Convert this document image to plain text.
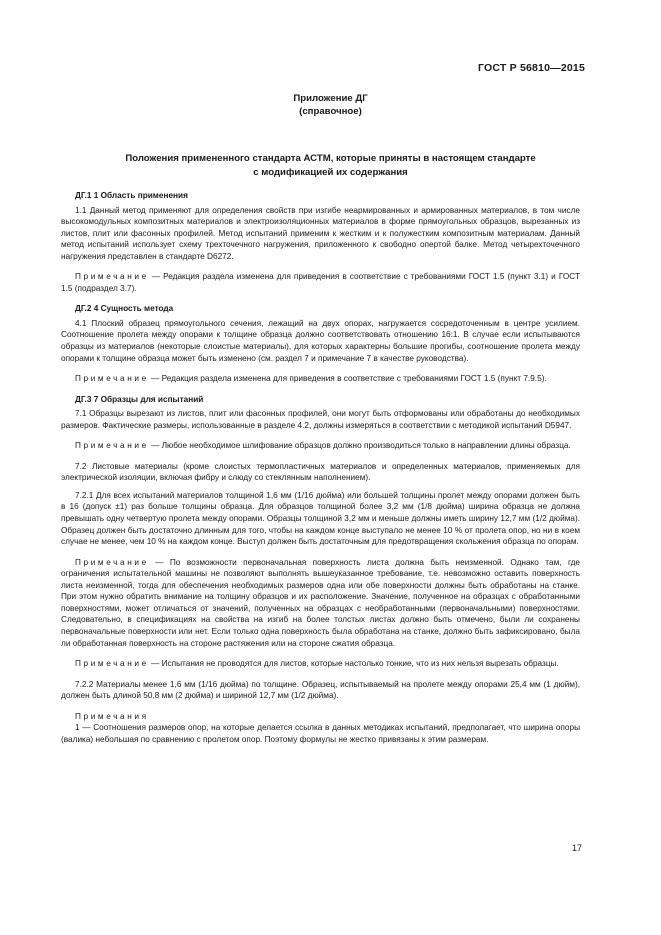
ГОСТ Р 56810—2015
Приложение ДГ
(справочное)
Положения примененного стандарта АСТМ, которые приняты в настоящем стандарте
с модификацией их содержания
ДГ.1 1 Область применения

1.1 Данный метод применяют для определения свойств при изгибе неармированных и армированных материалов, в том числе высокомодульных композитных материалов и электроизоляционных материалов в форме прямоугольных образцов, вырезанных из листов, плит или фасонных профилей. Метод испытаний применим к жестким и к полужестким композитным материалам. Данный метод испытаний использует схему трехточечного нагружения, приложенного к свободно опертой балке. Метод четырехточечного нагружения представлен в стандарте D6272.

Примечание — Редакция раздела изменена для приведения в соответствие с требованиями ГОСТ 1.5 (пункт 3.1) и ГОСТ 1.5 (подраздел 3.7).

ДГ.2 4 Сущность метода

4.1 Плоский образец прямоугольного сечения, лежащий на двух опорах, нагружается сосредоточенным в центре усилием. Соотношение пролета между опорами к толщине образца должно соответствовать отношению 16:1. В случае если испытываются образцы из материалов (некоторые слоистые материалы), для которых характерны большие прогибы, соотношение пролета между опорами к толщине образца может быть изменено (см. раздел 7 и примечание 7 в качестве руководства).

Примечание — Редакция раздела изменена для приведения в соответствие с требованиями ГОСТ 1.5 (пункт 7.9.5).

ДГ.3 7 Образцы для испытаний

7.1 Образцы вырезают из листов, плит или фасонных профилей, они могут быть отформованы или обработаны до необходимых размеров. Фактические размеры, использованные в разделе 4.2, должны измеряться в соответствии с методикой испытаний D5947.

Примечание — Любое необходимое шлифование образцов должно производиться только в направлении длины образца.

7.2 Листовые материалы (кроме слоистых термопластичных материалов и определенных материалов, применяемых для электрической изоляции, включая фибру и слюду со стеклянным наполнением).

7.2.1 Для всех испытаний материалов толщиной 1,6 мм (1/16 дюйма) или большей толщины пролет между опорами должен быть в 16 (допуск ±1) раз больше толщины образца. Для образцов толщиной более 3,2 мм (1/8 дюйма) ширина образца не должна превышать одну четвертую пролета между опорами. Образцы толщиной 3,2 мм и меньше должны иметь ширину 12,7 мм (1/2 дюйма). Образец должен быть достаточно длинным для того, чтобы на каждом конце выступало не менее 10 % от пролета опор, но ни в коем случае не менее, чем 10 % на каждом конце. Выступ должен быть достаточным для предотвращения скольжения образца по опорам.

Примечание — По возможности первоначальная поверхность листа должна быть неизменной. Однако там, где ограничения испытательной машины не позволяют выполнять вышеуказанное требование, т.е. невозможно оставить поверхность листа неизменной, тогда для обеспечения необходимых размеров одна или обе поверхности должны быть обработаны на станке. При этом нужно обратить внимание на толщину образцов и их расположение. Значение, полученное на образцах с обработанными поверхностями, может отличаться от значений, полученных на образцах с необработанными (первоначальными) поверхностями. Следовательно, в спецификациях на свойства на изгиб на более толстых листах должно быть отмечено, были ли сохранены первоначальные поверхности или нет. Если только одна поверхность была обработана на станке, должно быть зафиксировано, была ли обработанная поверхность на стороне растяжения или на стороне сжатия образца.

Примечание — Испытания не проводятся для листов, которые настолько тонкие, что из них нельзя вырезать образцы.

7.2.2 Материалы менее 1,6 мм (1/16 дюйма) по толщине. Образец, испытываемый на пролете между опорами 25,4 мм (1 дюйм), должен быть длиной 50,8 мм (2 дюйма) и шириной 12,7 мм (1/2 дюйма).

Примечания

1 — Соотношения размеров опор, на которые делается ссылка в данных методиках испытаний, предполагает, что ширина опоры (валика) небольшая по сравнению с пролетом опор. Поэтому формулы не жестко привязаны к этим размерам.

17
